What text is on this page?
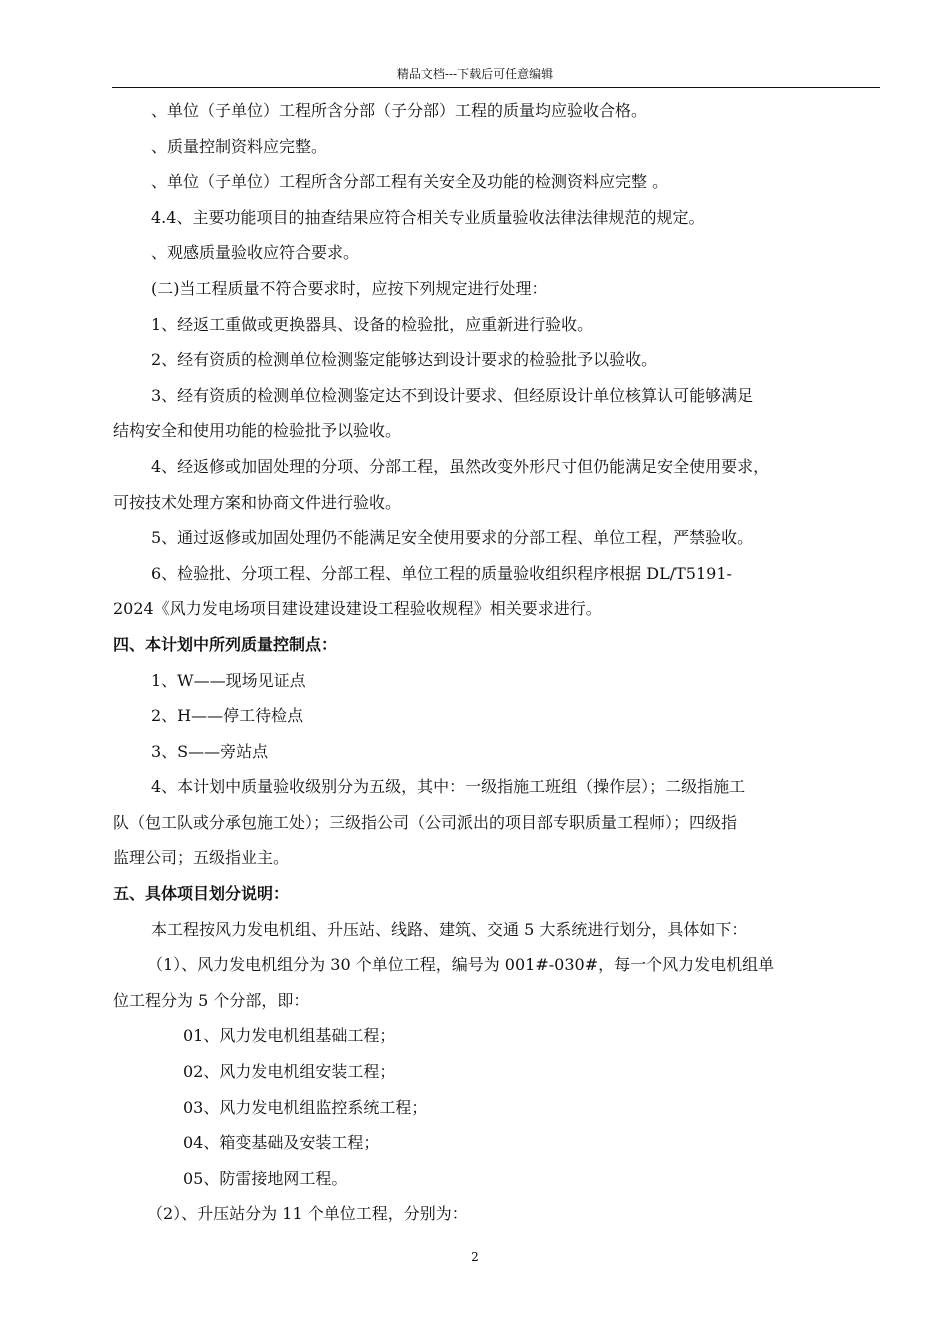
精品文档---下载后可任意编辑

、单位（子单位）工程所含分部（子分部）工程的质量均应验收合格。

、质量控制资料应完整。

、单位（子单位）工程所含分部工程有关安全及功能的检测资料应完整 。

4.4、主要功能项目的抽查结果应符合相关专业质量验收法律法律规范的规定。

、观感质量验收应符合要求。

(二)当工程质量不符合要求时，应按下列规定进行处理：

1、经返工重做或更换器具、设备的检验批，应重新进行验收。

2、经有资质的检测单位检测鉴定能够达到设计要求的检验批予以验收。

3、经有资质的检测单位检测鉴定达不到设计要求、但经原设计单位核算认可能够满足

结构安全和使用功能的检验批予以验收。

4、经返修或加固处理的分项、分部工程，虽然改变外形尺寸但仍能满足安全使用要求，

可按技术处理方案和协商文件进行验收。

5、通过返修或加固处理仍不能满足安全使用要求的分部工程、单位工程，严禁验收。

6、检验批、分项工程、分部工程、单位工程的质量验收组织程序根据 DL/T5191-

2024《风力发电场项目建设建设建设工程验收规程》相关要求进行。

四、本计划中所列质量控制点：

1、W——现场见证点

2、H——停工待检点

3、S——旁站点

4、本计划中质量验收级别分为五级，其中：一级指施工班组（操作层）；二级指施工

队（包工队或分承包施工处）；三级指公司（公司派出的项目部专职质量工程师）；四级指

监理公司；五级指业主。

五、具体项目划分说明：

本工程按风力发电机组、升压站、线路、建筑、交通 5 大系统进行划分，具体如下：

（1）、风力发电机组分为 30 个单位工程，编号为 001#-030#，每一个风力发电机组单

位工程分为 5 个分部，即：

01、风力发电机组基础工程；

02、风力发电机组安装工程；

03、风力发电机组监控系统工程；

04、箱变基础及安装工程；

05、防雷接地网工程。

（2）、升压站分为 11 个单位工程，分别为：

2
